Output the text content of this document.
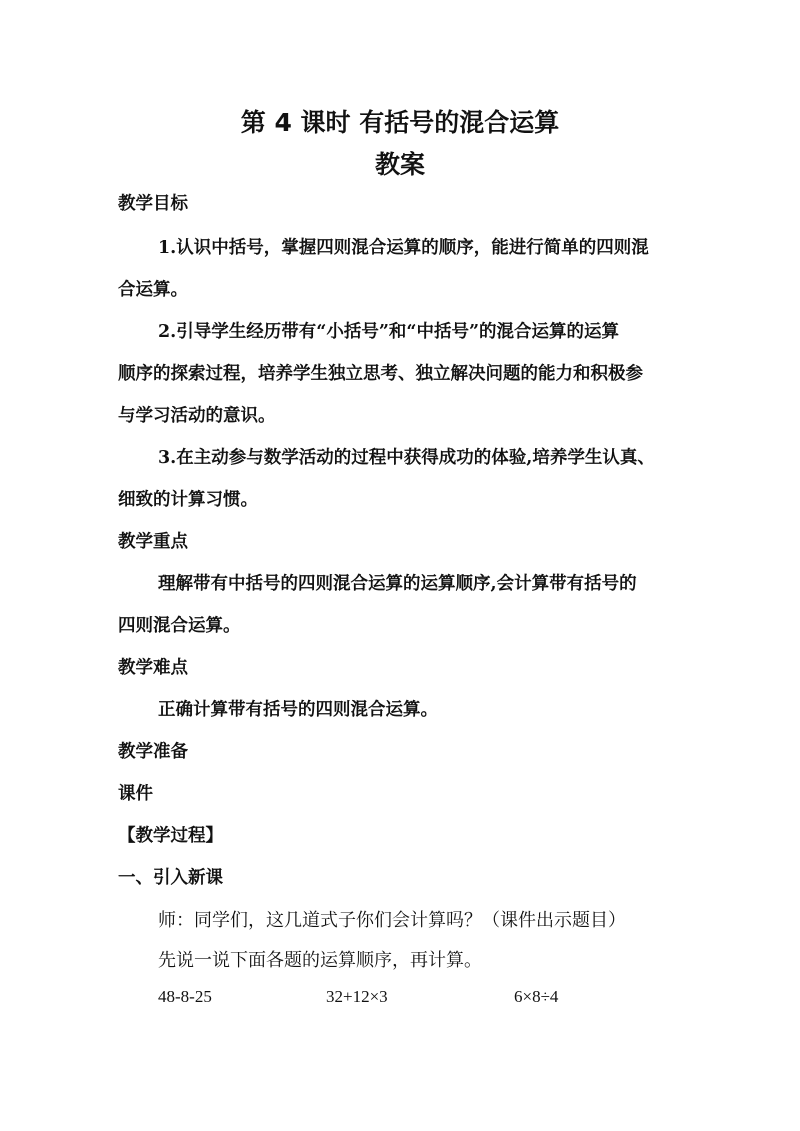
第 4 课时 有括号的混合运算
教案

教学目标

1.认识中括号，掌握四则混合运算的顺序，能进行简单的四则混

合运算。

2.引导学生经历带有“小括号”和“中括号”的混合运算的运算

顺序的探索过程，培养学生独立思考、独立解决问题的能力和积极参

与学习活动的意识。

3.在主动参与数学活动的过程中获得成功的体验,培养学生认真、

细致的计算习惯。

教学重点

理解带有中括号的四则混合运算的运算顺序,会计算带有括号的

四则混合运算。

教学难点

正确计算带有括号的四则混合运算。

教学准备

课件

【教学过程】

一、引入新课

师：同学们，这几道式子你们会计算吗？（课件出示题目）

先说一说下面各题的运算顺序，再计算。

48-8-25	32+12×3	6×8÷4
